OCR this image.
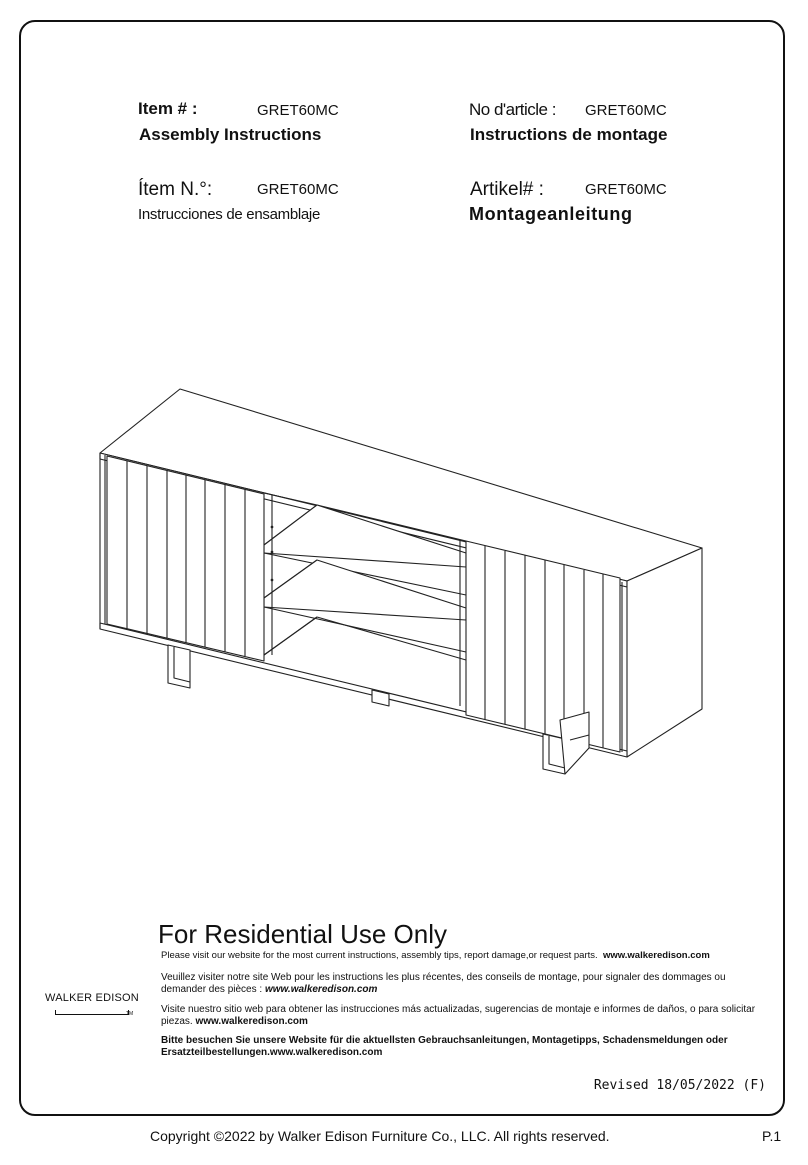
Item # :	GRET60MC
Assembly Instructions
No d'article : GRET60MC
Instructions de montage
Ítem N.°:	GRET60MC
Instrucciones de ensamblaje
Artikel# :	GRET60MC
Montageanleitung
For Residential Use Only
Please visit our website for the most current instructions, assembly tips, report damage,or request parts. www.walkeredison.com
Veuillez visiter notre site Web pour les instructions les plus récentes, des conseils de montage, pour signaler des dommages ou demander des pièces : www.walkeredison.com
Visite nuestro sitio web para obtener las instrucciones más actualizadas, sugerencias de montaje e informes de daños, o para solicitar piezas. www.walkeredison.com
Bitte besuchen Sie unsere Website für die aktuellsten Gebrauchsanleitungen, Montagetipps, Schadensmeldungen oder Ersatzteilbestellungen.www.walkeredison.com
WALKER EDISON
TM
Revised 18/05/2022 (F)
Copyright ©2022 by Walker Edison Furniture Co., LLC. All rights reserved.	P.1
